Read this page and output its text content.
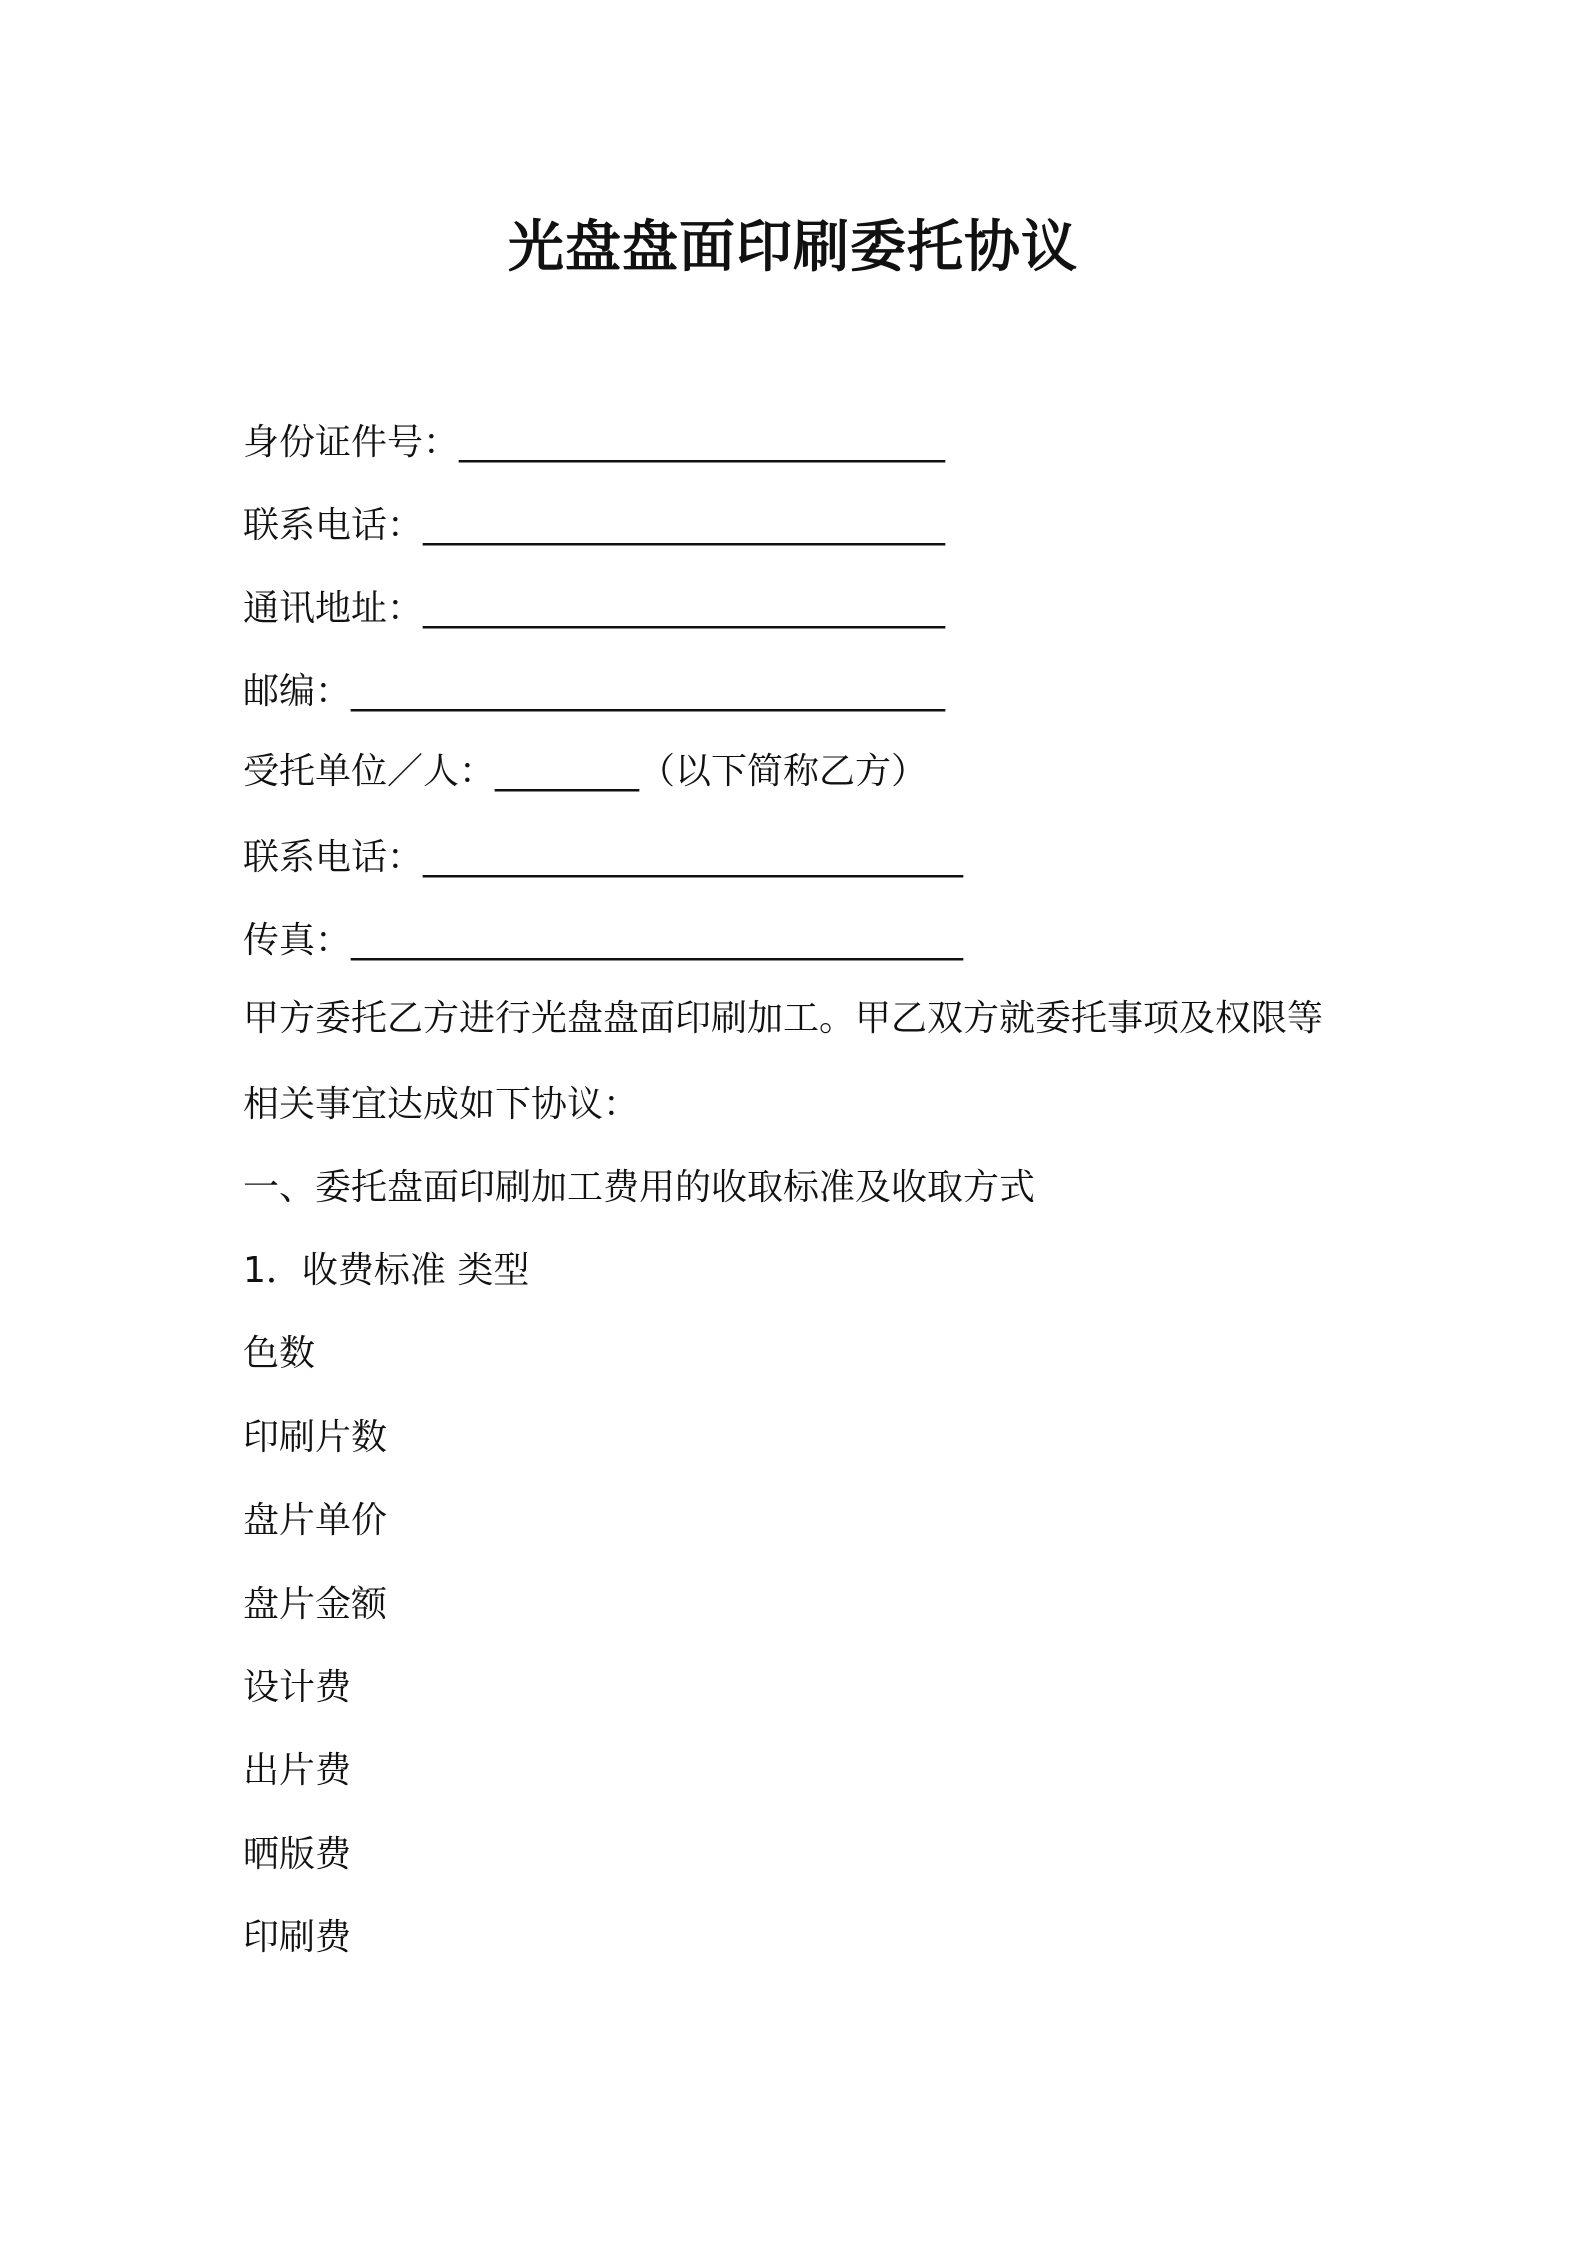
光盘盘面印刷委托协议
身份证件号：___________________________
联系电话：_____________________________
通讯地址：_____________________________
邮编：_________________________________
受托单位／人：________（以下简称乙方）
联系电话：______________________________
传真：__________________________________
甲方委托乙方进行光盘盘面印刷加工。甲乙双方就委托事项及权限等
相关事宜达成如下协议：
一、委托盘面印刷加工费用的收取标准及收取方式
1．收费标准 类型
色数
印刷片数
盘片单价
盘片金额
设计费
出片费
晒版费
印刷费
